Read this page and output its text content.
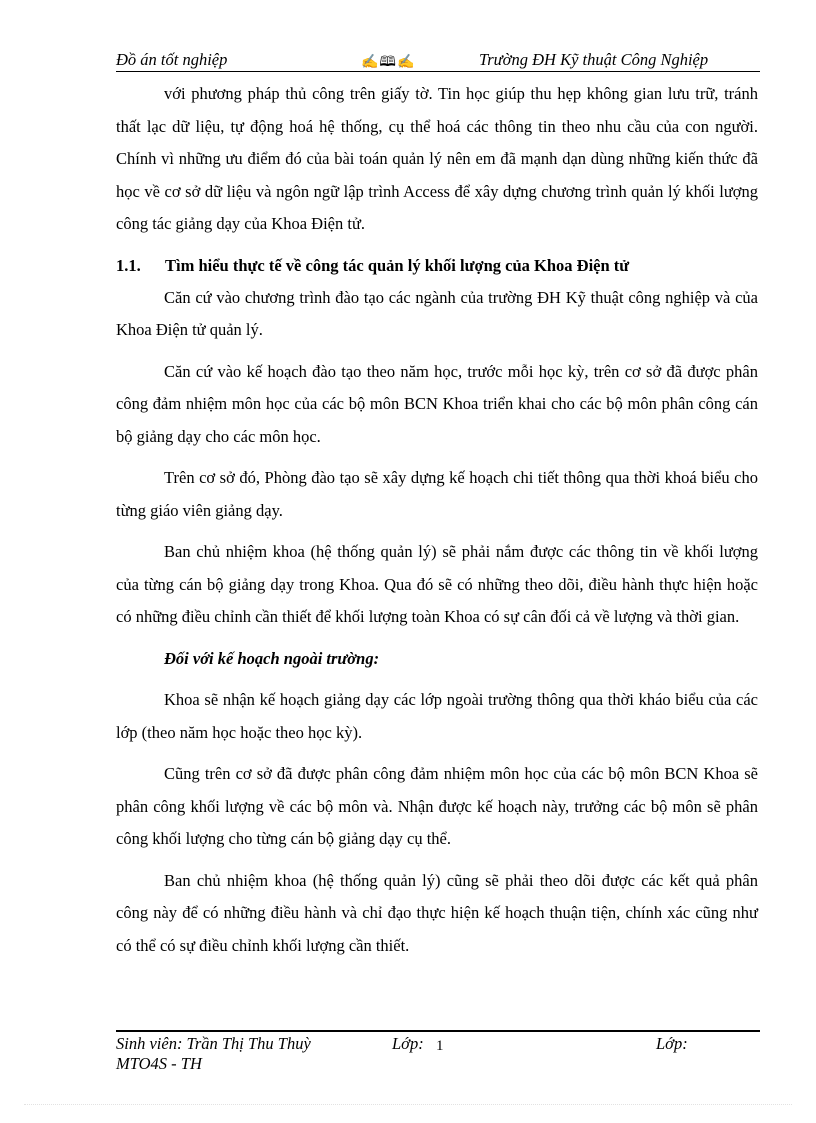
Đồ án tốt nghiệp	✍🕮✍	Trường ĐH Kỹ thuật Công Nghiệp

với phương pháp thủ công trên giấy tờ. Tin học giúp thu hẹp không gian lưu trữ, tránh thất lạc dữ liệu, tự động hoá hệ thống, cụ thể hoá các thông tin theo nhu cầu của con người. Chính vì những ưu điểm đó của bài toán quản lý nên em đã mạnh dạn dùng những kiến thức đã học về cơ sở dữ liệu và ngôn ngữ lập trình Access để xây dựng chương trình quản lý khối lượng công tác giảng dạy của Khoa Điện tử.

1.1.	Tìm hiểu thực tế về công tác quản lý khối lượng của Khoa Điện tử

Căn cứ vào chương trình đào tạo các ngành của trường ĐH Kỹ thuật công nghiệp và của Khoa Điện tử quản lý.

Căn cứ vào kế hoạch đào tạo theo năm học, trước mỗi học kỳ, trên cơ sở đã được phân công đảm nhiệm môn học của các bộ môn BCN Khoa triển khai cho các bộ môn phân công cán bộ giảng dạy cho các môn học.

Trên cơ sở đó, Phòng đào tạo sẽ xây dựng kế hoạch chi tiết thông qua thời khoá biểu cho từng giáo viên giảng dạy.

Ban chủ nhiệm khoa (hệ thống quản lý) sẽ phải nắm được các thông tin về khối lượng của từng cán bộ giảng dạy trong Khoa. Qua đó sẽ có những theo dõi, điều hành thực hiện hoặc có những điều chỉnh cần thiết để khối lượng toàn Khoa có sự cân đối cả về lượng và thời gian.

Đối với kế hoạch ngoài trường:

Khoa sẽ nhận kế hoạch giảng dạy các lớp ngoài trường thông qua thời kháo biểu của các lớp (theo năm học hoặc theo học kỳ).

Cũng trên cơ sở đã được phân công đảm nhiệm môn học của các bộ môn BCN Khoa sẽ phân công khối lượng về các bộ môn và. Nhận được kế hoạch này, trưởng các bộ môn sẽ phân công khối lượng cho từng cán bộ giảng dạy cụ thể.

Ban chủ nhiệm khoa (hệ thống quản lý) cũng sẽ phải theo dõi được các kết quả phân công này để có những điều hành và chỉ đạo thực hiện kế hoạch thuận tiện, chính xác cũng như có thể có sự điều chỉnh khối lượng cần thiết.

Sinh viên: Trần Thị Thu Thuỳ	Lớp: 1	Lớp:
MTO4S - TH
